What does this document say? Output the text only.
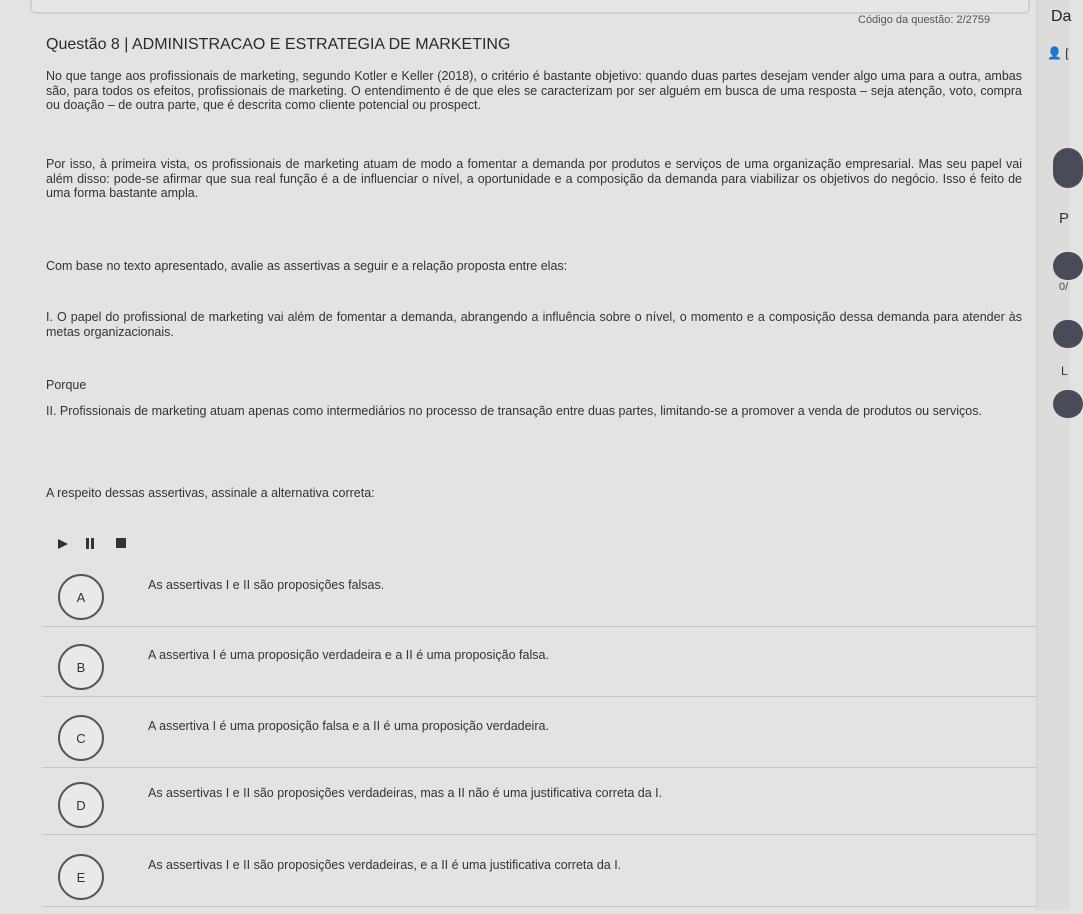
Código da questão: 2/2759
Questão 8 | ADMINISTRACAO E ESTRATEGIA DE MARKETING
No que tange aos profissionais de marketing, segundo Kotler e Keller (2018), o critério é bastante objetivo: quando duas partes desejam vender algo uma para a outra, ambas são, para todos os efeitos, profissionais de marketing. O entendimento é de que eles se caracterizam por ser alguém em busca de uma resposta – seja atenção, voto, compra ou doação – de outra parte, que é descrita como cliente potencial ou prospect.
Por isso, à primeira vista, os profissionais de marketing atuam de modo a fomentar a demanda por produtos e serviços de uma organização empresarial. Mas seu papel vai além disso: pode-se afirmar que sua real função é a de influenciar o nível, a oportunidade e a composição da demanda para viabilizar os objetivos do negócio. Isso é feito de uma forma bastante ampla.
Com base no texto apresentado, avalie as assertivas a seguir e a relação proposta entre elas:
I. O papel do profissional de marketing vai além de fomentar a demanda, abrangendo a influência sobre o nível, o momento e a composição dessa demanda para atender às metas organizacionais.
Porque
II. Profissionais de marketing atuam apenas como intermediários no processo de transação entre duas partes, limitando-se a promover a venda de produtos ou serviços.
A respeito dessas assertivas, assinale a alternativa correta:
A
As assertivas I e II são proposições falsas.
B
A assertiva I é uma proposição verdadeira e a II é uma proposição falsa.
C
A assertiva I é uma proposição falsa e a II é uma proposição verdadeira.
D
As assertivas I e II são proposições verdadeiras, mas a II não é uma justificativa correta da I.
E
As assertivas I e II são proposições verdadeiras, e a II é uma justificativa correta da I.
Da
👤 [
P
0/
L
